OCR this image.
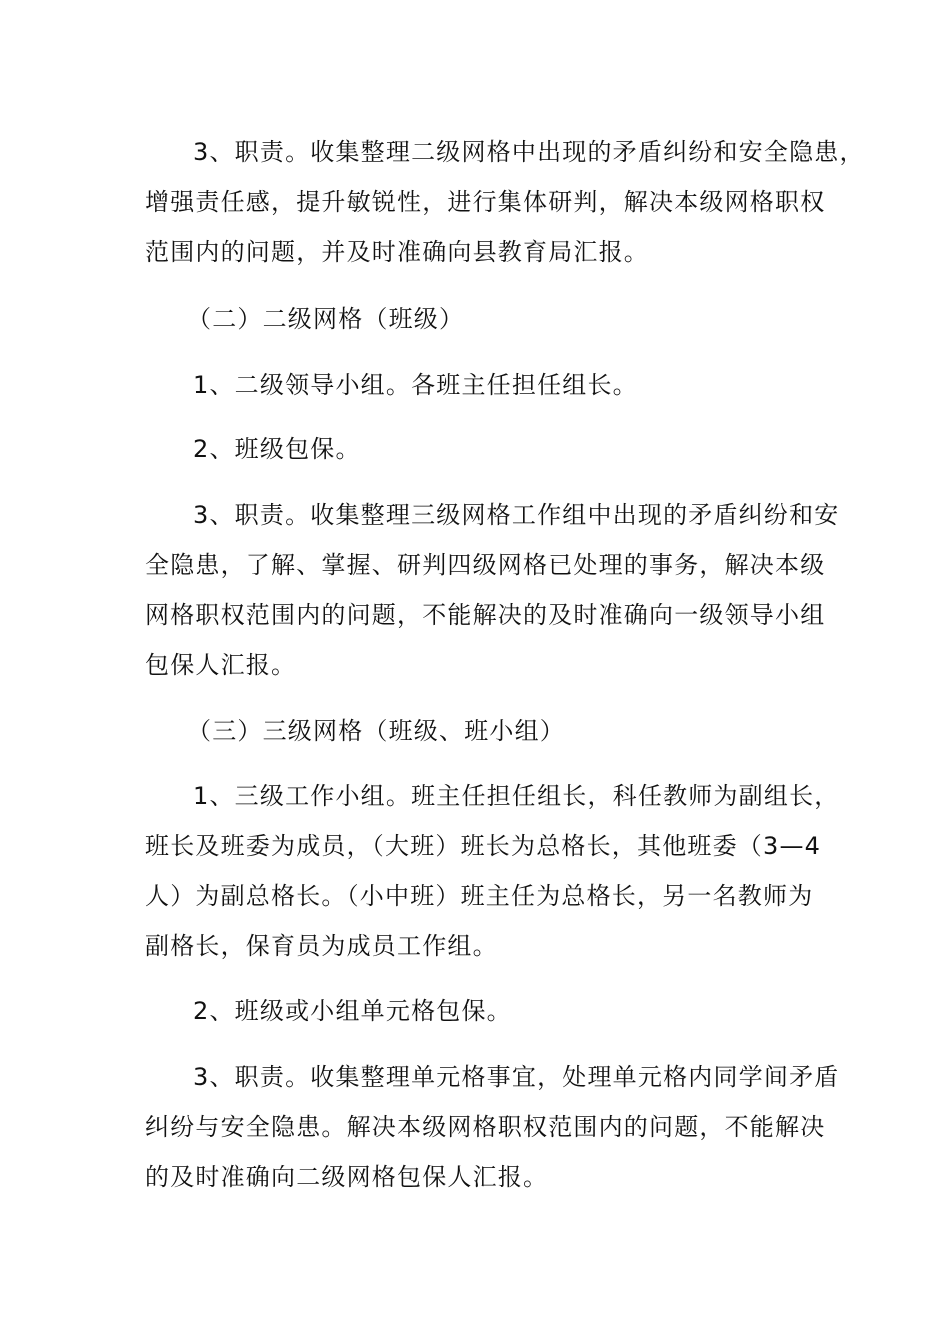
3、职责。收集整理二级网格中出现的矛盾纠纷和安全隐患，
增强责任感，提升敏锐性，进行集体研判，解决本级网格职权
范围内的问题，并及时准确向县教育局汇报。

（二）二级网格（班级）

1、二级领导小组。各班主任担任组长。

2、班级包保。

3、职责。收集整理三级网格工作组中出现的矛盾纠纷和安
全隐患，了解、掌握、研判四级网格已处理的事务，解决本级
网格职权范围内的问题，不能解决的及时准确向一级领导小组
包保人汇报。

（三）三级网格（班级、班小组）

1、三级工作小组。班主任担任组长，科任教师为副组长，
班长及班委为成员，（大班）班长为总格长，其他班委（3—4
人）为副总格长。（小中班）班主任为总格长，另一名教师为
副格长，保育员为成员工作组。

2、班级或小组单元格包保。

3、职责。收集整理单元格事宜，处理单元格内同学间矛盾
纠纷与安全隐患。解决本级网格职权范围内的问题，不能解决
的及时准确向二级网格包保人汇报。
